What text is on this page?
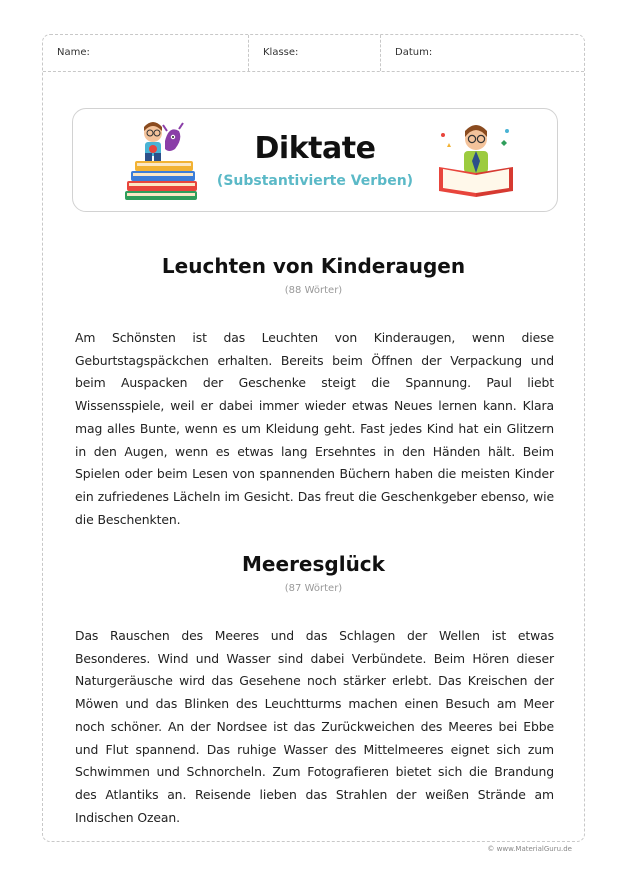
Name:	Klasse:	Datum:
Diktate
(Substantivierte Verben)
Leuchten von Kinderaugen
(88 Wörter)

Am Schönsten ist das Leuchten von Kinderaugen, wenn diese Geburtstagspäckchen erhalten. Bereits beim Öffnen der Verpackung und beim Auspacken der Geschenke steigt die Spannung. Paul liebt Wissensspiele, weil er dabei immer wieder etwas Neues lernen kann. Klara mag alles Bunte, wenn es um Kleidung geht. Fast jedes Kind hat ein Glitzern in den Augen, wenn es etwas lang Ersehntes in den Händen hält. Beim Spielen oder beim Lesen von spannenden Büchern haben die meisten Kinder ein zufriedenes Lächeln im Gesicht. Das freut die Geschenkgeber ebenso, wie die Beschenkten.

Meeresglück
(87 Wörter)

Das Rauschen des Meeres und das Schlagen der Wellen ist etwas Besonderes. Wind und Wasser sind dabei Verbündete. Beim Hören dieser Naturgeräusche wird das Gesehene noch stärker erlebt. Das Kreischen der Möwen und das Blinken des Leuchtturms machen einen Besuch am Meer noch schöner. An der Nordsee ist das Zurückweichen des Meeres bei Ebbe und Flut spannend. Das ruhige Wasser des Mittelmeeres eignet sich zum Schwimmen und Schnorcheln. Zum Fotografieren bietet sich die Brandung des Atlantiks an. Reisende lieben das Strahlen der weißen Strände am Indischen Ozean.

© www.MaterialGuru.de
